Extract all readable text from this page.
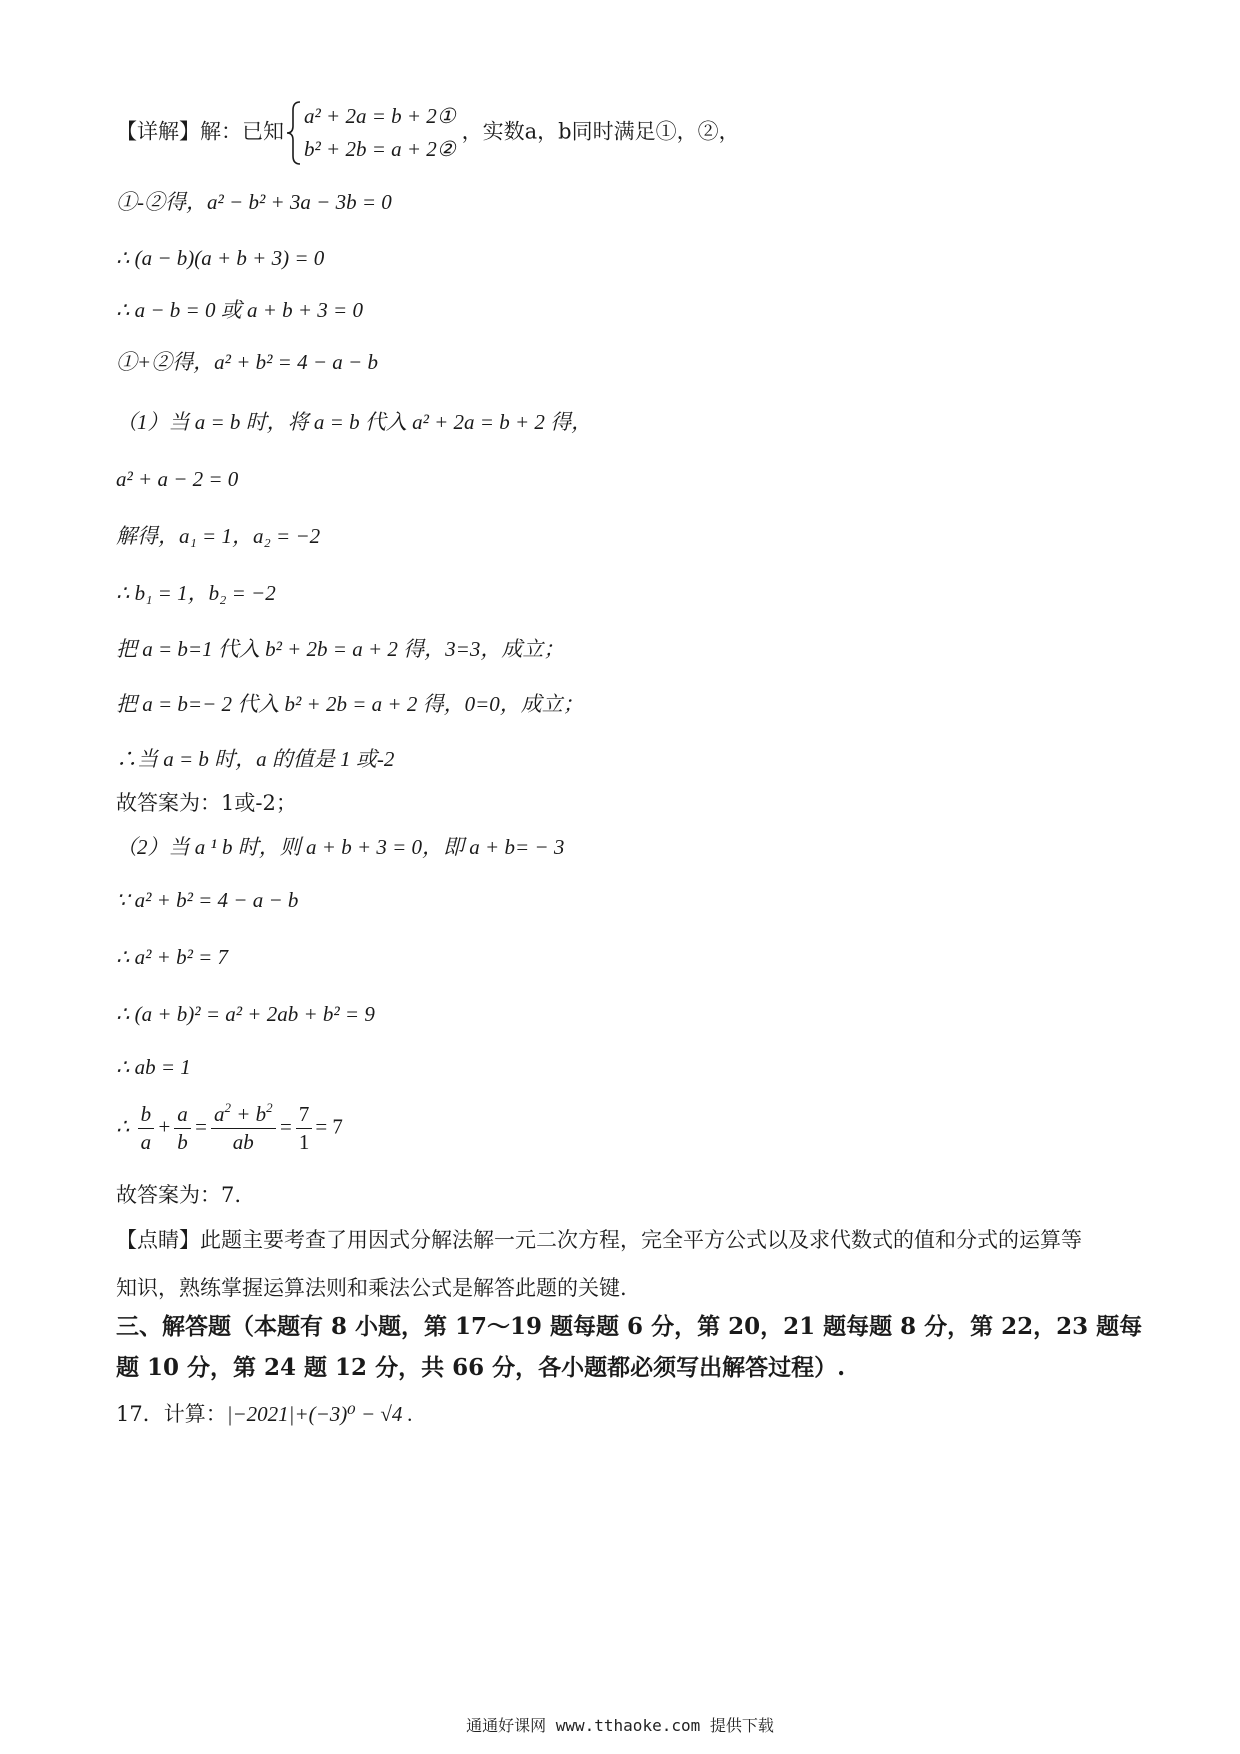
【详解】解：已知
a² + 2a = b + 2①
b² + 2b = a + 2②
，实数a，b同时满足①，②，
①-②得，a² − b² + 3a − 3b = 0
∴ (a − b)(a + b + 3) = 0
∴ a − b = 0 或 a + b + 3 = 0
①+②得，a² + b² = 4 − a − b
（1）当 a = b 时，将 a = b 代入 a² + 2a = b + 2 得，
a² + a − 2 = 0
解得，a₁ = 1，a₂ = −2
∴ b₁ = 1，b₂ = −2
把 a = b=1 代入 b² + 2b = a + 2 得，3=3，成立；
把 a = b=− 2 代入 b² + 2b = a + 2 得，0=0，成立；
∴当 a = b 时，a 的值是 1 或-2
故答案为：1或-2；
（2）当 a ¹ b 时，则 a + b + 3 = 0，即 a + b= − 3
∵ a² + b² = 4 − a − b
∴ a² + b² = 7
∴ (a + b)² = a² + 2ab + b² = 9
∴ ab = 1
∴ $\frac{b}{a} + \frac{a}{b} = \frac{a^2 + b^2}{ab} = \frac{7}{1} = 7$
故答案为：7.
【点睛】此题主要考查了用因式分解法解一元二次方程，完全平方公式以及求代数式的值和分式的运算等
知识，熟练掌握运算法则和乘法公式是解答此题的关键.
三、解答题（本题有 8 小题，第 17～19 题每题 6 分，第 20，21 题每题 8 分，第 22，23 题每
题 10 分，第 24 题 12 分，共 66 分，各小题都必须写出解答过程）.
17．计算：|−2021|+(−3)⁰ − √4 .
通通好课网 www.tthaoke.com 提供下载
